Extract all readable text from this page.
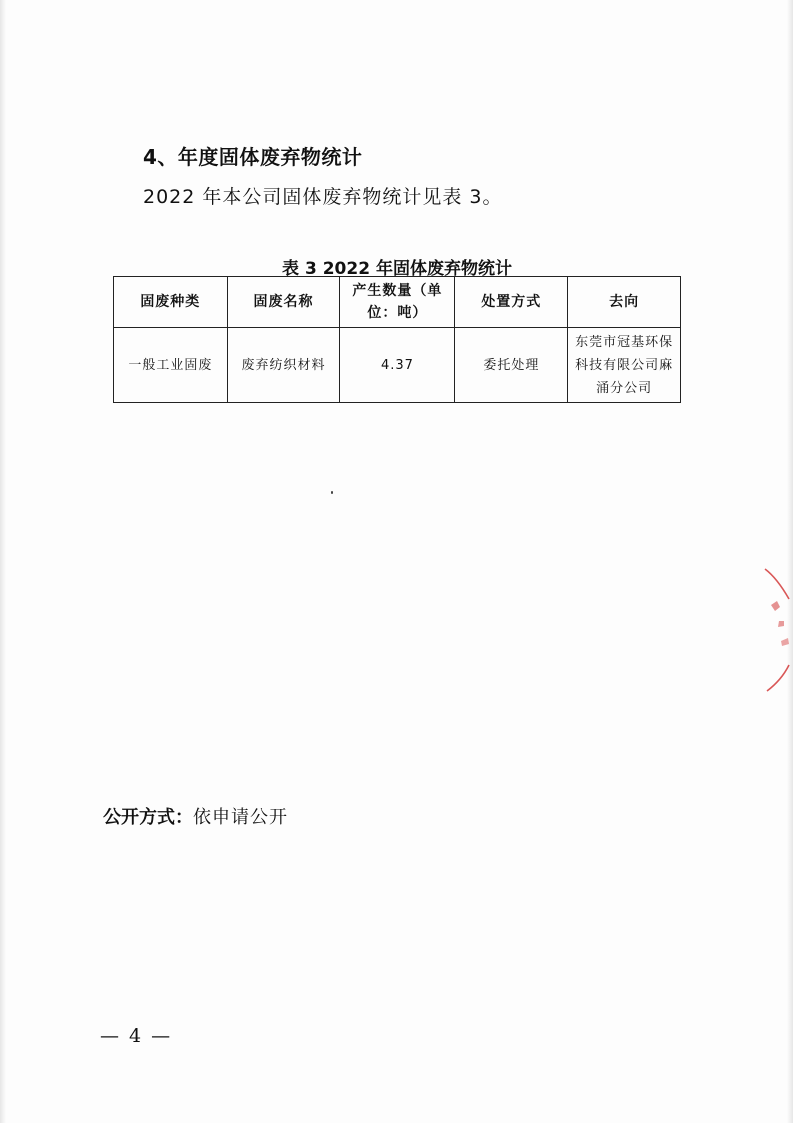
4、年度固体废弃物统计
2022 年本公司固体废弃物统计见表 3。
表 3 2022 年固体废弃物统计
固废种类	固废名称	产生数量（单位：吨）	处置方式	去向
一般工业固废	废弃纺织材料	4.37	委托处理	东莞市冠基环保科技有限公司麻涌分公司
公开方式：依申请公开
— 4 —
